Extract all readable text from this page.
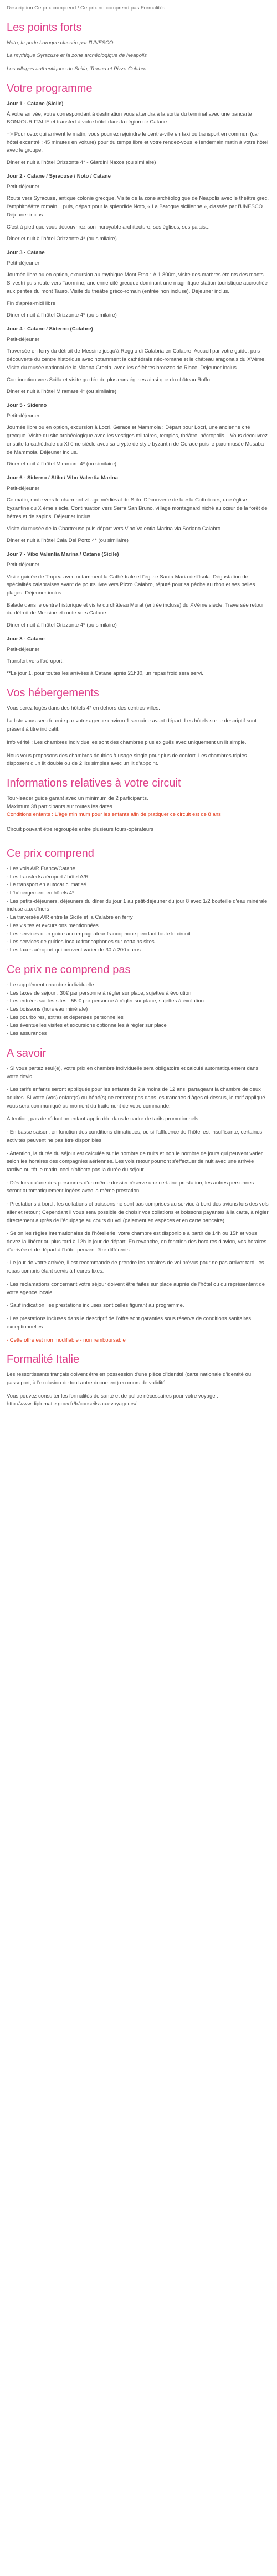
Description Ce prix comprend / Ce prix ne comprend pas Formalités

Les points forts

Noto, la perle baroque classée par l'UNESCO

La mythique Syracuse et la zone archéologique de Neapolis

Les villages authentiques de Scilla, Tropea et Pizzo Calabro

Votre programme
Jour 1 - Catane (Sicile)
À votre arrivée, votre correspondant à destination vous attendra à la sortie du terminal avec une pancarte BONJOUR ITALIE et transfert à votre hôtel dans la région de Catane.
=> Pour ceux qui arrivent le matin, vous pourrez rejoindre le centre-ville en taxi ou transport en commun (car hôtel excentré : 45 minutes en voiture) pour du temps libre et votre rendez-vous le lendemain matin à votre hôtel avec le groupe.
Dîner et nuit à l'hôtel Orizzonte 4* - Giardini Naxos (ou similaire)
Jour 2 - Catane / Syracuse / Noto / Catane
Petit-déjeuner
Route vers Syracuse, antique colonie grecque. Visite de la zone archéologique de Neapolis avec le théâtre grec, l'amphithéâtre romain... puis, départ pour la splendide Noto, « La Baroque sicilienne », classée par l'UNESCO. Déjeuner inclus.
C'est à pied que vous découvrirez son incroyable architecture, ses églises, ses palais...
Dîner et nuit à l'hôtel Orizzonte 4* (ou similaire)
Jour 3 - Catane
Petit-déjeuner
Journée libre ou en option, excursion au mythique Mont Etna : À 1 800m, visite des cratères éteints des monts Silvestri puis route vers Taormine, ancienne cité grecque dominant une magnifique station touristique accrochée aux pentes du mont Tauro. Visite du théâtre gréco-romain (entrée non incluse). Déjeuner inclus.
Fin d'après-midi libre
Dîner et nuit à l'hôtel Orizzonte 4* (ou similaire)
Jour 4 - Catane / Siderno (Calabre)
Petit-déjeuner
Traversée en ferry du détroit de Messine jusqu'à Reggio di Calabria en Calabre. Accueil par votre guide, puis découverte du centre historique avec notamment la cathédrale néo-romane et le château aragonais du XVème. Visite du musée national de la Magna Grecia, avec les célèbres bronzes de Riace. Déjeuner inclus.
Continuation vers Scilla et visite guidée de plusieurs églises ainsi que du château Ruffo.
Dîner et nuit à l'hôtel Miramare 4* (ou similaire)
Jour 5 - Siderno
Petit-déjeuner
Journée libre ou en option, excursion à Locri, Gerace et Mammola : Départ pour Locri, une ancienne cité grecque. Visite du site archéologique avec les vestiges militaires, temples, théâtre, nécropolis... Vous découvrez ensuite la cathédrale du XI ème siècle avec sa crypte de style byzantin de Gerace puis le parc-musée Musaba de Mammola. Déjeuner inclus.
Dîner et nuit à l'hôtel Miramare 4* (ou similaire)
Jour 6 - Siderno / Stilo / Vibo Valentia Marina
Petit-déjeuner
Ce matin, route vers le charmant village médiéval de Stilo. Découverte de la « la Cattolica », une église byzantine du X ème siècle. Continuation vers Serra San Bruno, village montagnard niché au cœur de la forêt de hêtres et de sapins. Déjeuner inclus.
Visite du musée de la Chartreuse puis départ vers Vibo Valentia Marina via Soriano Calabro.
Dîner et nuit à l'hôtel Cala Del Porto 4* (ou similaire)
Jour 7 - Vibo Valentia Marina / Catane (Sicile)
Petit-déjeuner
Visite guidée de Tropea avec notamment la Cathédrale et l'église Santa Maria dell'Isola. Dégustation de spécialités calabraises avant de poursuivre vers Pizzo Calabro, réputé pour sa pêche au thon et ses belles plages. Déjeuner inclus.
Balade dans le centre historique et visite du château Murat (entrée incluse) du XVème siècle. Traversée retour du détroit de Messine et route vers Catane.
Dîner et nuit à l'hôtel Orizzonte 4* (ou similaire)
Jour 8 - Catane
Petit-déjeuner
Transfert vers l'aéroport.
**Le jour 1, pour toutes les arrivées à Catane après 21h30, un repas froid sera servi.
Vos hébergements

Vous serez logés dans des hôtels 4* en dehors des centres-villes.

La liste vous sera fournie par votre agence environ 1 semaine avant départ. Les hôtels sur le descriptif sont présent à titre indicatif.

Info vérité : Les chambres individuelles sont des chambres plus exiguës avec uniquement un lit simple.

Nous vous proposons des chambres doubles à usage single pour plus de confort. Les chambres triples disposent d'un lit double ou de 2 lits simples avec un lit d'appoint.

Informations relatives à votre circuit
Tour-leader guide garant avec un minimum de 2 participants.
Maximum 38 participants sur toutes les dates
Conditions enfants : L'âge minimum pour les enfants afin de pratiquer ce circuit est de 8 ans

Circuit pouvant être regroupés entre plusieurs tours-opérateurs

Ce prix comprend
- Les vols A/R France/Catane
- Les transferts aéroport / hôtel A/R
- Le transport en autocar climatisé
- L'hébergement en hôtels 4*
- Les petits-déjeuners, déjeuners du dîner du jour 1 au petit-déjeuner du jour 8 avec 1/2 bouteille d'eau minérale incluse aux dîners
- La traversée A/R entre la Sicile et la Calabre en ferry
- Les visites et excursions mentionnées
- Les services d'un guide accompagnateur francophone pendant toute le circuit
- Les services de guides locaux francophones sur certains sites
- Les taxes aéroport qui peuvent varier de 30 à 200 euros
Ce prix ne comprend pas
- Le supplément chambre individuelle
- Les taxes de séjour : 30€ par personne à régler sur place, sujettes à évolution
- Les entrées sur les sites : 55 € par personne à régler sur place, sujettes à évolution
- Les boissons (hors eau minérale)
- Les pourboires, extras et dépenses personnelles
- Les éventuelles visites et excursions optionnelles à régler sur place
- Les assurances
A savoir

- Si vous partez seul(e), votre prix en chambre individuelle sera obligatoire et calculé automatiquement dans votre devis.

- Les tarifs enfants seront appliqués pour les enfants de 2 à moins de 12 ans, partageant la chambre de deux adultes. Si votre (vos) enfant(s) ou bébé(s) ne rentrent pas dans les tranches d'âges ci-dessus, le tarif appliqué vous sera communiqué au moment du traitement de votre commande.

Attention, pas de réduction enfant applicable dans le cadre de tarifs promotionnels.

- En basse saison, en fonction des conditions climatiques, ou si l'affluence de l'hôtel est insuffisante, certaines activités peuvent ne pas être disponibles.

- Attention, la durée du séjour est calculée sur le nombre de nuits et non le nombre de jours qui peuvent varier selon les horaires des compagnies aériennes. Les vols retour pourront s'effectuer de nuit avec une arrivée tardive ou tôt le matin, ceci n'affecte pas la durée du séjour.

- Dès lors qu'une des personnes d'un même dossier réserve une certaine prestation, les autres personnes seront automatiquement logées avec la même prestation.

- Prestations à bord : les collations et boissons ne sont pas comprises au service à bord des avions lors des vols aller et retour ; Cependant il vous sera possible de choisir vos collations et boissons payantes à la carte, à régler directement auprès de l'équipage au cours du vol (paiement en espèces et en carte bancaire).

- Selon les règles internationales de l'hôtellerie, votre chambre est disponible à partir de 14h ou 15h et vous devez la libérer au plus tard à 12h le jour de départ. En revanche, en fonction des horaires d'avion, vos horaires d'arrivée et de départ à l'hôtel peuvent être différents.

- Le jour de votre arrivée, il est recommandé de prendre les horaires de vol prévus pour ne pas arriver tard, les repas compris étant servis à heures fixes.

- Les réclamations concernant votre séjour doivent être faites sur place auprès de l'hôtel ou du représentant de votre agence locale.

- Sauf indication, les prestations incluses sont celles figurant au programme.

- Les prestations incluses dans le descriptif de l'offre sont garanties sous réserve de conditions sanitaires exceptionnelles.

- Cette offre est non modifiable - non remboursable

Formalité Italie

Les ressortissants français doivent être en possession d'une pièce d'identité (carte nationale d'identité ou passeport, à l'exclusion de tout autre document) en cours de validité.

Vous pouvez consulter les formalités de santé et de police nécessaires pour votre voyage : http://www.diplomatie.gouv.fr/fr/conseils-aux-voyageurs/
